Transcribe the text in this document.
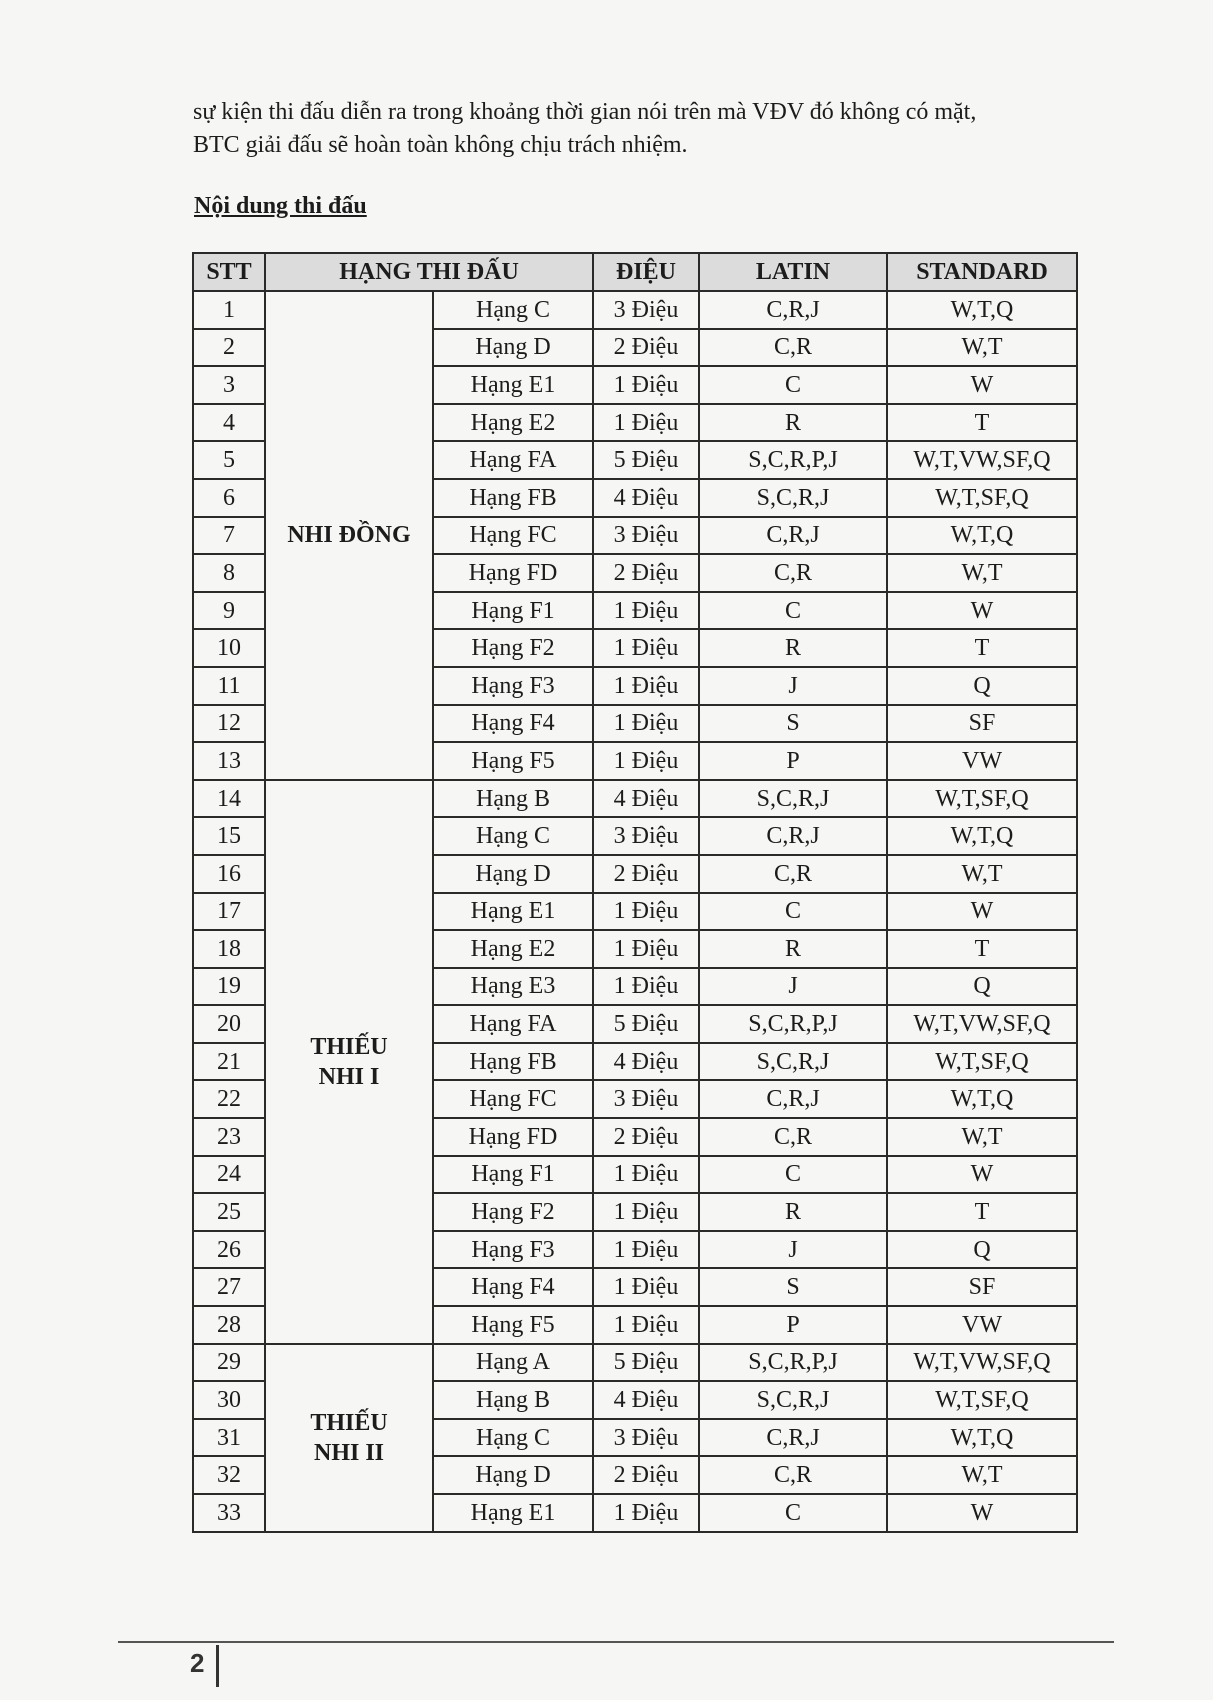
sự kiện thi đấu diễn ra trong khoảng thời gian nói trên mà VĐV đó không có mặt,
BTC giải đấu sẽ hoàn toàn không chịu trách nhiệm.

Nội dung thi đấu

STT	HẠNG THI ĐẤU		ĐIỆU	LATIN	STANDARD
1	NHI ĐỒNG	Hạng C	3 Điệu	C,R,J	W,T,Q
2		Hạng D	2 Điệu	C,R	W,T
3		Hạng E1	1 Điệu	C	W
4		Hạng E2	1 Điệu	R	T
5		Hạng FA	5 Điệu	S,C,R,P,J	W,T,VW,SF,Q
6		Hạng FB	4 Điệu	S,C,R,J	W,T,SF,Q
7		Hạng FC	3 Điệu	C,R,J	W,T,Q
8		Hạng FD	2 Điệu	C,R	W,T
9		Hạng F1	1 Điệu	C	W
10		Hạng F2	1 Điệu	R	T
11		Hạng F3	1 Điệu	J	Q
12		Hạng F4	1 Điệu	S	SF
13		Hạng F5	1 Điệu	P	VW
14	THIẾU
NHI I	Hạng B	4 Điệu	S,C,R,J	W,T,SF,Q
15		Hạng C	3 Điệu	C,R,J	W,T,Q
16		Hạng D	2 Điệu	C,R	W,T
17		Hạng E1	1 Điệu	C	W
18		Hạng E2	1 Điệu	R	T
19		Hạng E3	1 Điệu	J	Q
20		Hạng FA	5 Điệu	S,C,R,P,J	W,T,VW,SF,Q
21		Hạng FB	4 Điệu	S,C,R,J	W,T,SF,Q
22		Hạng FC	3 Điệu	C,R,J	W,T,Q
23		Hạng FD	2 Điệu	C,R	W,T
24		Hạng F1	1 Điệu	C	W
25		Hạng F2	1 Điệu	R	T
26		Hạng F3	1 Điệu	J	Q
27		Hạng F4	1 Điệu	S	SF
28		Hạng F5	1 Điệu	P	VW
29	THIẾU
NHI II	Hạng A	5 Điệu	S,C,R,P,J	W,T,VW,SF,Q
30		Hạng B	4 Điệu	S,C,R,J	W,T,SF,Q
31		Hạng C	3 Điệu	C,R,J	W,T,Q
32		Hạng D	2 Điệu	C,R	W,T
33		Hạng E1	1 Điệu	C	W
2
